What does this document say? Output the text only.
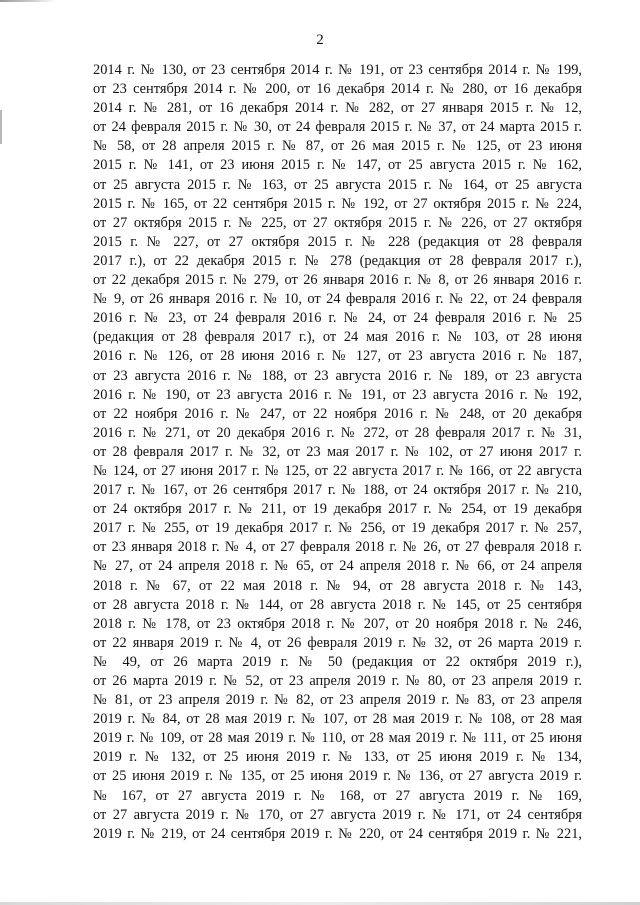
2
2014 г. № 130, от 23 сентября 2014 г. № 191, от 23 сентября 2014 г. № 199,
от 23 сентября 2014 г. № 200, от 16 декабря 2014 г. № 280, от 16 декабря
2014 г. № 281, от 16 декабря 2014 г. № 282, от 27 января 2015 г. № 12,
от 24 февраля 2015 г. № 30, от 24 февраля 2015 г. № 37, от 24 марта 2015 г.
№ 58, от 28 апреля 2015 г. № 87, от 26 мая 2015 г. № 125, от 23 июня
2015 г. № 141, от 23 июня 2015 г. № 147, от 25 августа 2015 г. № 162,
от 25 августа 2015 г. № 163, от 25 августа 2015 г. № 164, от 25 августа
2015 г. № 165, от 22 сентября 2015 г. № 192, от 27 октября 2015 г. № 224,
от 27 октября 2015 г. № 225, от 27 октября 2015 г. № 226, от 27 октября
2015 г. № 227, от 27 октября 2015 г. № 228 (редакция от 28 февраля
2017 г.), от 22 декабря 2015 г. № 278 (редакция от 28 февраля 2017 г.),
от 22 декабря 2015 г. № 279, от 26 января 2016 г. № 8, от 26 января 2016 г.
№ 9, от 26 января 2016 г. № 10, от 24 февраля 2016 г. № 22, от 24 февраля
2016 г. № 23, от 24 февраля 2016 г. № 24, от 24 февраля 2016 г. № 25
(редакция от 28 февраля 2017 г.), от 24 мая 2016 г. № 103, от 28 июня
2016 г. № 126, от 28 июня 2016 г. № 127, от 23 августа 2016 г. № 187,
от 23 августа 2016 г. № 188, от 23 августа 2016 г. № 189, от 23 августа
2016 г. № 190, от 23 августа 2016 г. № 191, от 23 августа 2016 г. № 192,
от 22 ноября 2016 г. № 247, от 22 ноября 2016 г. № 248, от 20 декабря
2016 г. № 271, от 20 декабря 2016 г. № 272, от 28 февраля 2017 г. № 31,
от 28 февраля 2017 г. № 32, от 23 мая 2017 г. № 102, от 27 июня 2017 г.
№ 124, от 27 июня 2017 г. № 125, от 22 августа 2017 г. № 166, от 22 августа
2017 г. № 167, от 26 сентября 2017 г. № 188, от 24 октября 2017 г. № 210,
от 24 октября 2017 г. № 211, от 19 декабря 2017 г. № 254, от 19 декабря
2017 г. № 255, от 19 декабря 2017 г. № 256, от 19 декабря 2017 г. № 257,
от 23 января 2018 г. № 4, от 27 февраля 2018 г. № 26, от 27 февраля 2018 г.
№ 27, от 24 апреля 2018 г. № 65, от 24 апреля 2018 г. № 66, от 24 апреля
2018 г. № 67, от 22 мая 2018 г. № 94, от 28 августа 2018 г. № 143,
от 28 августа 2018 г. № 144, от 28 августа 2018 г. № 145, от 25 сентября
2018 г. № 178, от 23 октября 2018 г. № 207, от 20 ноября 2018 г. № 246,
от 22 января 2019 г. № 4, от 26 февраля 2019 г. № 32, от 26 марта 2019 г.
№ 49, от 26 марта 2019 г. № 50 (редакция от 22 октября 2019 г.),
от 26 марта 2019 г. № 52, от 23 апреля 2019 г. № 80, от 23 апреля 2019 г.
№ 81, от 23 апреля 2019 г. № 82, от 23 апреля 2019 г. № 83, от 23 апреля
2019 г. № 84, от 28 мая 2019 г. № 107, от 28 мая 2019 г. № 108, от 28 мая
2019 г. № 109, от 28 мая 2019 г. № 110, от 28 мая 2019 г. № 111, от 25 июня
2019 г. № 132, от 25 июня 2019 г. № 133, от 25 июня 2019 г. № 134,
от 25 июня 2019 г. № 135, от 25 июня 2019 г. № 136, от 27 августа 2019 г.
№ 167, от 27 августа 2019 г. № 168, от 27 августа 2019 г. № 169,
от 27 августа 2019 г. № 170, от 27 августа 2019 г. № 171, от 24 сентября
2019 г. № 219, от 24 сентября 2019 г. № 220, от 24 сентября 2019 г. № 221,
